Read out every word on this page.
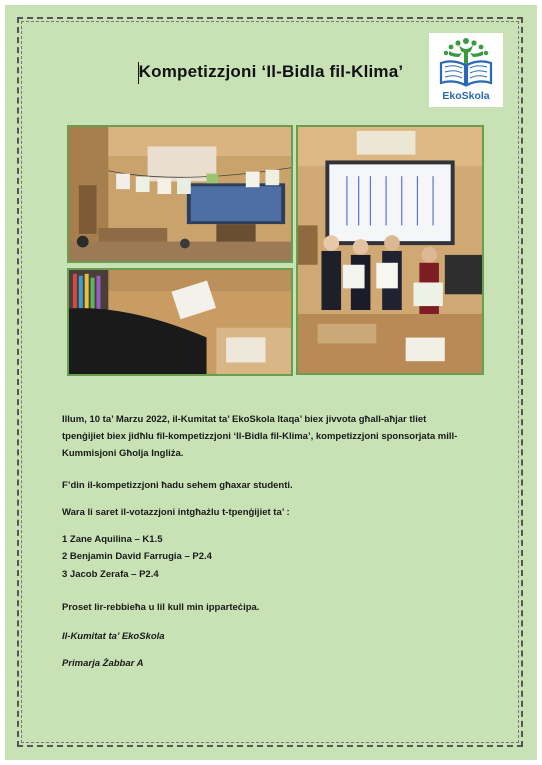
Kompetizzjoni ‘Il-Bidla fil-Klima’
EkoSkola
Illum, 10 ta’ Marzu 2022, il-Kumitat ta’ EkoSkola ltaqa’ biex jivvota għall-aħjar tliet
tpenġijiet biex jidħlu fil-kompetizzjoni ‘Il-Bidla fil-Klima’, kompetizzjoni sponsorjata mill-
Kummisjoni Għolja Ingliża.
F’din il-kompetizzjoni ħadu sehem għaxar studenti.
Wara li saret il-votazzjoni intgħażlu t-tpenġijiet ta’ :
1 Zane Aquilina – K1.5
2 Benjamin David Farrugia – P2.4
3 Jacob Zerafa – P2.4
Proset lir-rebbieħa u lil kull min ipparteċipa.
Il-Kumitat ta’ EkoSkola
Primarja Żabbar A
